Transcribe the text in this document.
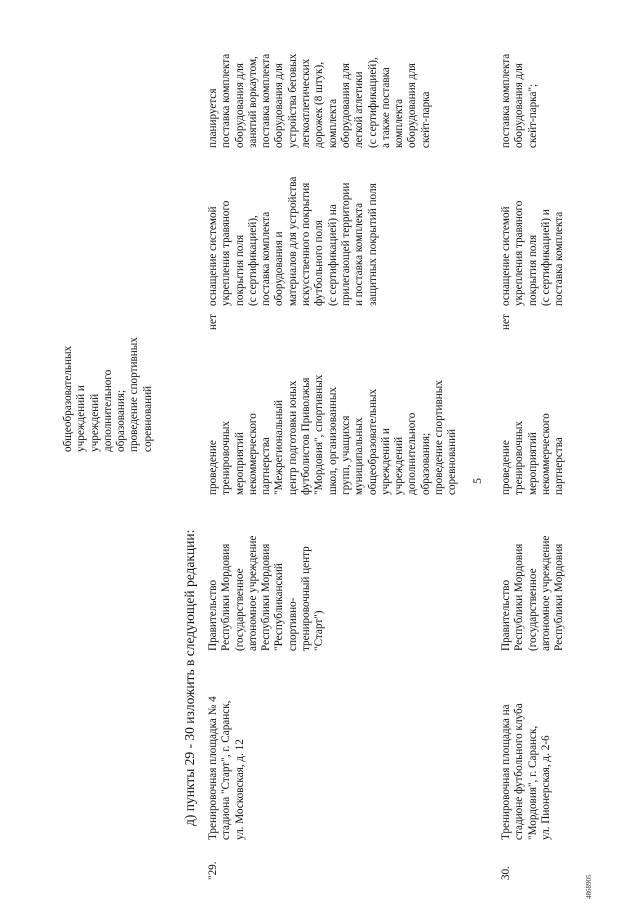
5
общеобразовательных
учреждений и
учреждений
дополнительного
образования;
проведение спортивных
соревнований
д) пункты 29 - 30 изложить в следующей редакции:
"29.
Тренировочная площадка № 4
стадиона "Старт", г. Саранск,
ул. Московская, д. 12
Правительство
Республики Мордовия
(государственное
автономное учреждение
Республики Мордовия
"Республиканский
спортивно-
тренировочный центр
"Старт")
проведение
тренировочных
мероприятий
некоммерческого
партнерства
"Межрегиональный
центр подготовки юных
футболистов Приволжья
"Мордовия", спортивных
школ, организованных
групп, учащихся
муниципальных
общеобразовательных
учреждений и
учреждений
дополнительного
образования;
проведение спортивных
соревнований
нет
оснащение системой
укрепления травяного
покрытия поля
(с сертификацией),
поставка комплекта
оборудования и
материалов для устройства
искусственного покрытия
футбольного поля
(с сертификацией) на
прилегающей территории
и поставка комплекта
защитных покрытий поля
планируется
поставка комплекта
оборудования для
занятий воркаутом,
поставка комплекта
оборудования для
устройства беговых
легкоатлетических
дорожек (8 штук),
комплекта
оборудования для
легкой атлетики
(с сертификацией),
а также поставка
комплекта
оборудования для
скейт-парка
30.
Тренировочная площадка на
стадионе футбольного клуба
"Мордовия", г. Саранск,
ул. Пионерская, д. 2-6
Правительство
Республики Мордовия
(государственное
автономное учреждение
Республики Мордовия
проведение
тренировочных
мероприятий
некоммерческого
партнерства
нет
оснащение системой
укрепления травяного
покрытия поля
(с сертификацией) и
поставка комплекта
поставка комплекта
оборудования для
скейт-парка";
4868905
